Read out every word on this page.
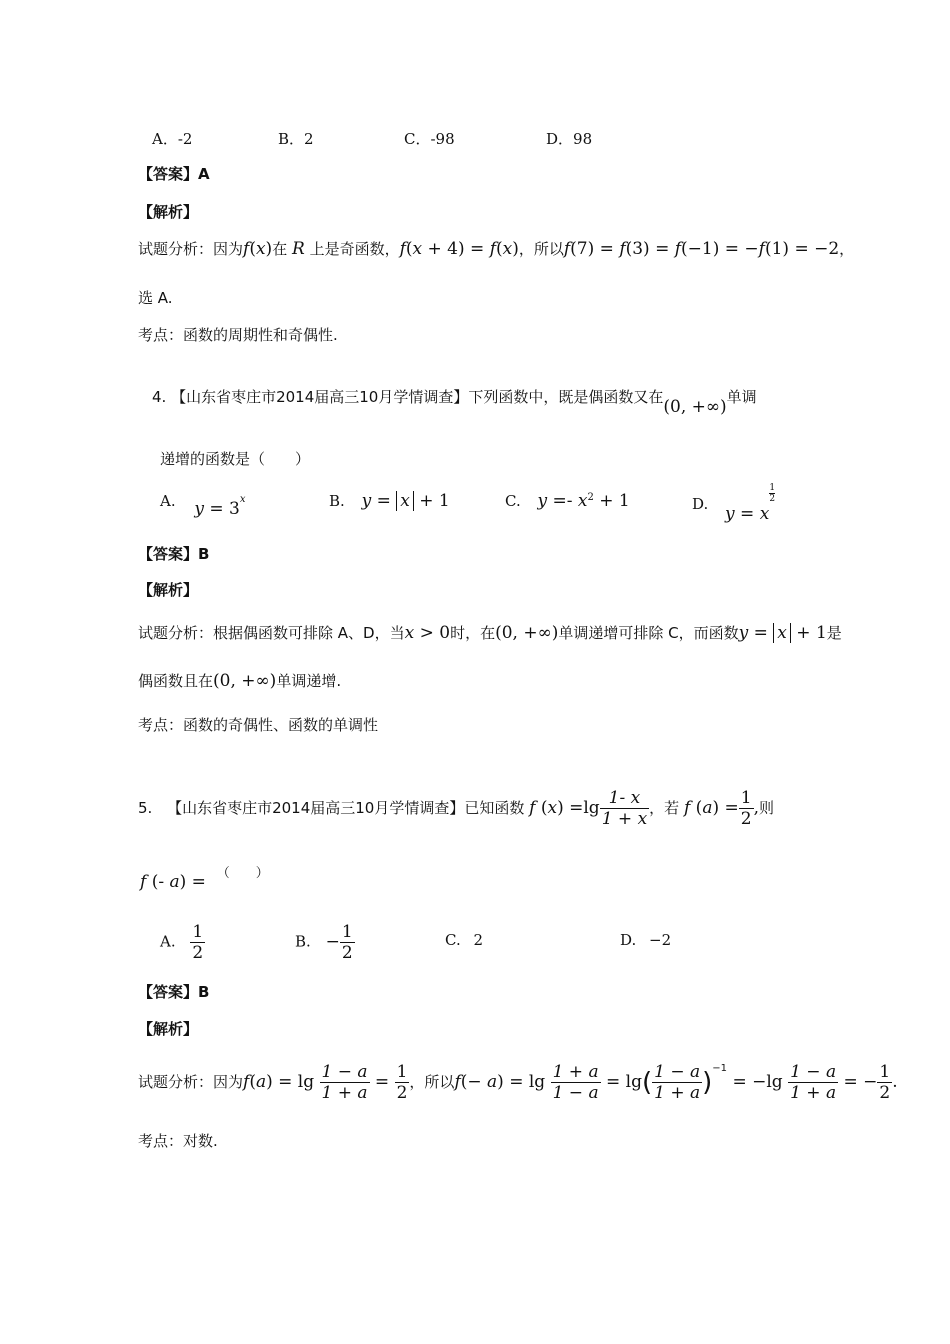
A．-2	B．2	C．-98	D．98
【答案】A
【解析】
试题分析：因为f(x)在 R 上是奇函数，f(x + 4) = f(x)，所以f(7) = f(3) = f(−1) = −f(1) = −2，
选 A.
考点：函数的周期性和奇偶性.
4. 【山东省枣庄市2014届高三10月学情调查】下列函数中，既是偶函数又在(0, +∞)单调
递增的函数是（　　）
A. $y = 3^x$	B. y = x + 1	C. $y =- x^2 + 1$	D. y = x
$\frac{1}{2}$
【答案】B
【解析】
试题分析：根据偶函数可排除 A、D，当x > 0时，在(0, +∞)单调递增可排除 C，而函数y = x + 1是
偶函数且在(0, +∞)单调递增.
考点：函数的奇偶性、函数的单调性
5. 【山东省枣庄市2014届高三10月学情调查】已知函数 f $(x) =\lg \frac{1- x}{1 + x}$ ，若 f $(a) = \frac{1}{2}$ ,则
f (- a) = （　　）
A. $\frac{1}{2}$	B. − $\frac{1}{2}$	C. 2	D. −2
【答案】B
【解析】
试题分析：因为$f(a) = \lg \frac{1 - a}{1 + a} = \frac{1}{2}$ ，所以$f(- a) = \lg \frac{1 + a}{1 - a} = \lg( \frac{1 - a}{1 + a} )^{-1} = -\lg \frac{1 - a}{1 + a}$ = − $\frac{1}{2}$ .
考点：对数.
